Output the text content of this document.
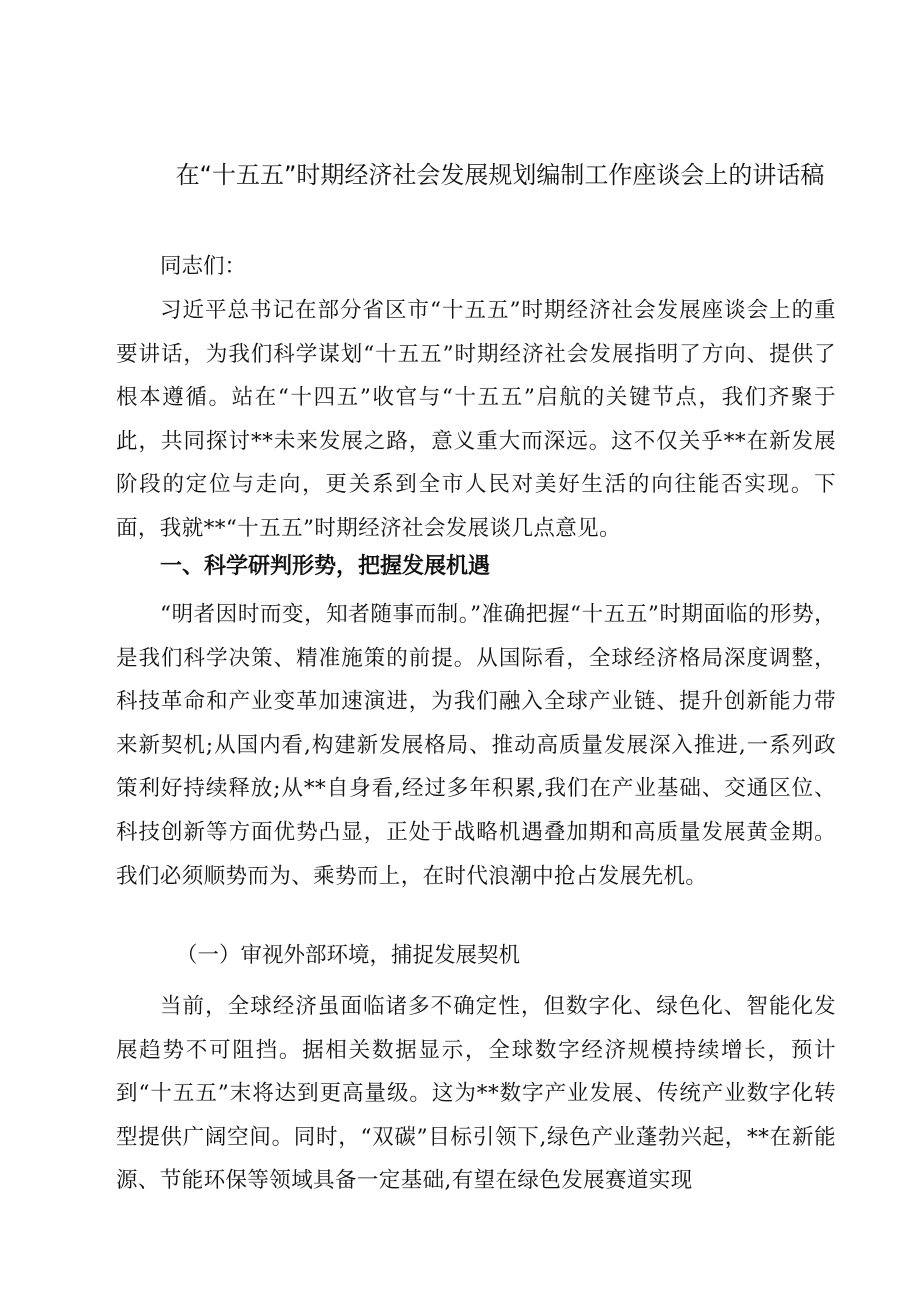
在“十五五”时期经济社会发展规划编制工作座谈会上的讲话稿
同志们：

习近平总书记在部分省区市“十五五”时期经济社会发展座谈会上的重要讲话，为我们科学谋划“十五五”时期经济社会发展指明了方向、提供了根本遵循。站在“十四五”收官与“十五五”启航的关键节点，我们齐聚于此，共同探讨**未来发展之路，意义重大而深远。这不仅关乎**在新发展阶段的定位与走向，更关系到全市人民对美好生活的向往能否实现。下面，我就**“十五五”时期经济社会发展谈几点意见。

一、科学研判形势，把握发展机遇

“明者因时而变，知者随事而制。”准确把握“十五五”时期面临的形势，是我们科学决策、精准施策的前提。从国际看，全球经济格局深度调整，科技革命和产业变革加速演进，为我们融入全球产业链、提升创新能力带来新契机;从国内看,构建新发展格局、推动高质量发展深入推进,一系列政策利好持续释放;从**自身看,经过多年积累,我们在产业基础、交通区位、科技创新等方面优势凸显，正处于战略机遇叠加期和高质量发展黄金期。我们必须顺势而为、乘势而上，在时代浪潮中抢占发展先机。

（一）审视外部环境，捕捉发展契机

当前，全球经济虽面临诸多不确定性，但数字化、绿色化、智能化发展趋势不可阻挡。据相关数据显示，全球数字经济规模持续增长，预计到“十五五”末将达到更高量级。这为**数字产业发展、传统产业数字化转型提供广阔空间。同时，“双碳”目标引领下,绿色产业蓬勃兴起，**在新能源、节能环保等领域具备一定基础,有望在绿色发展赛道实现
